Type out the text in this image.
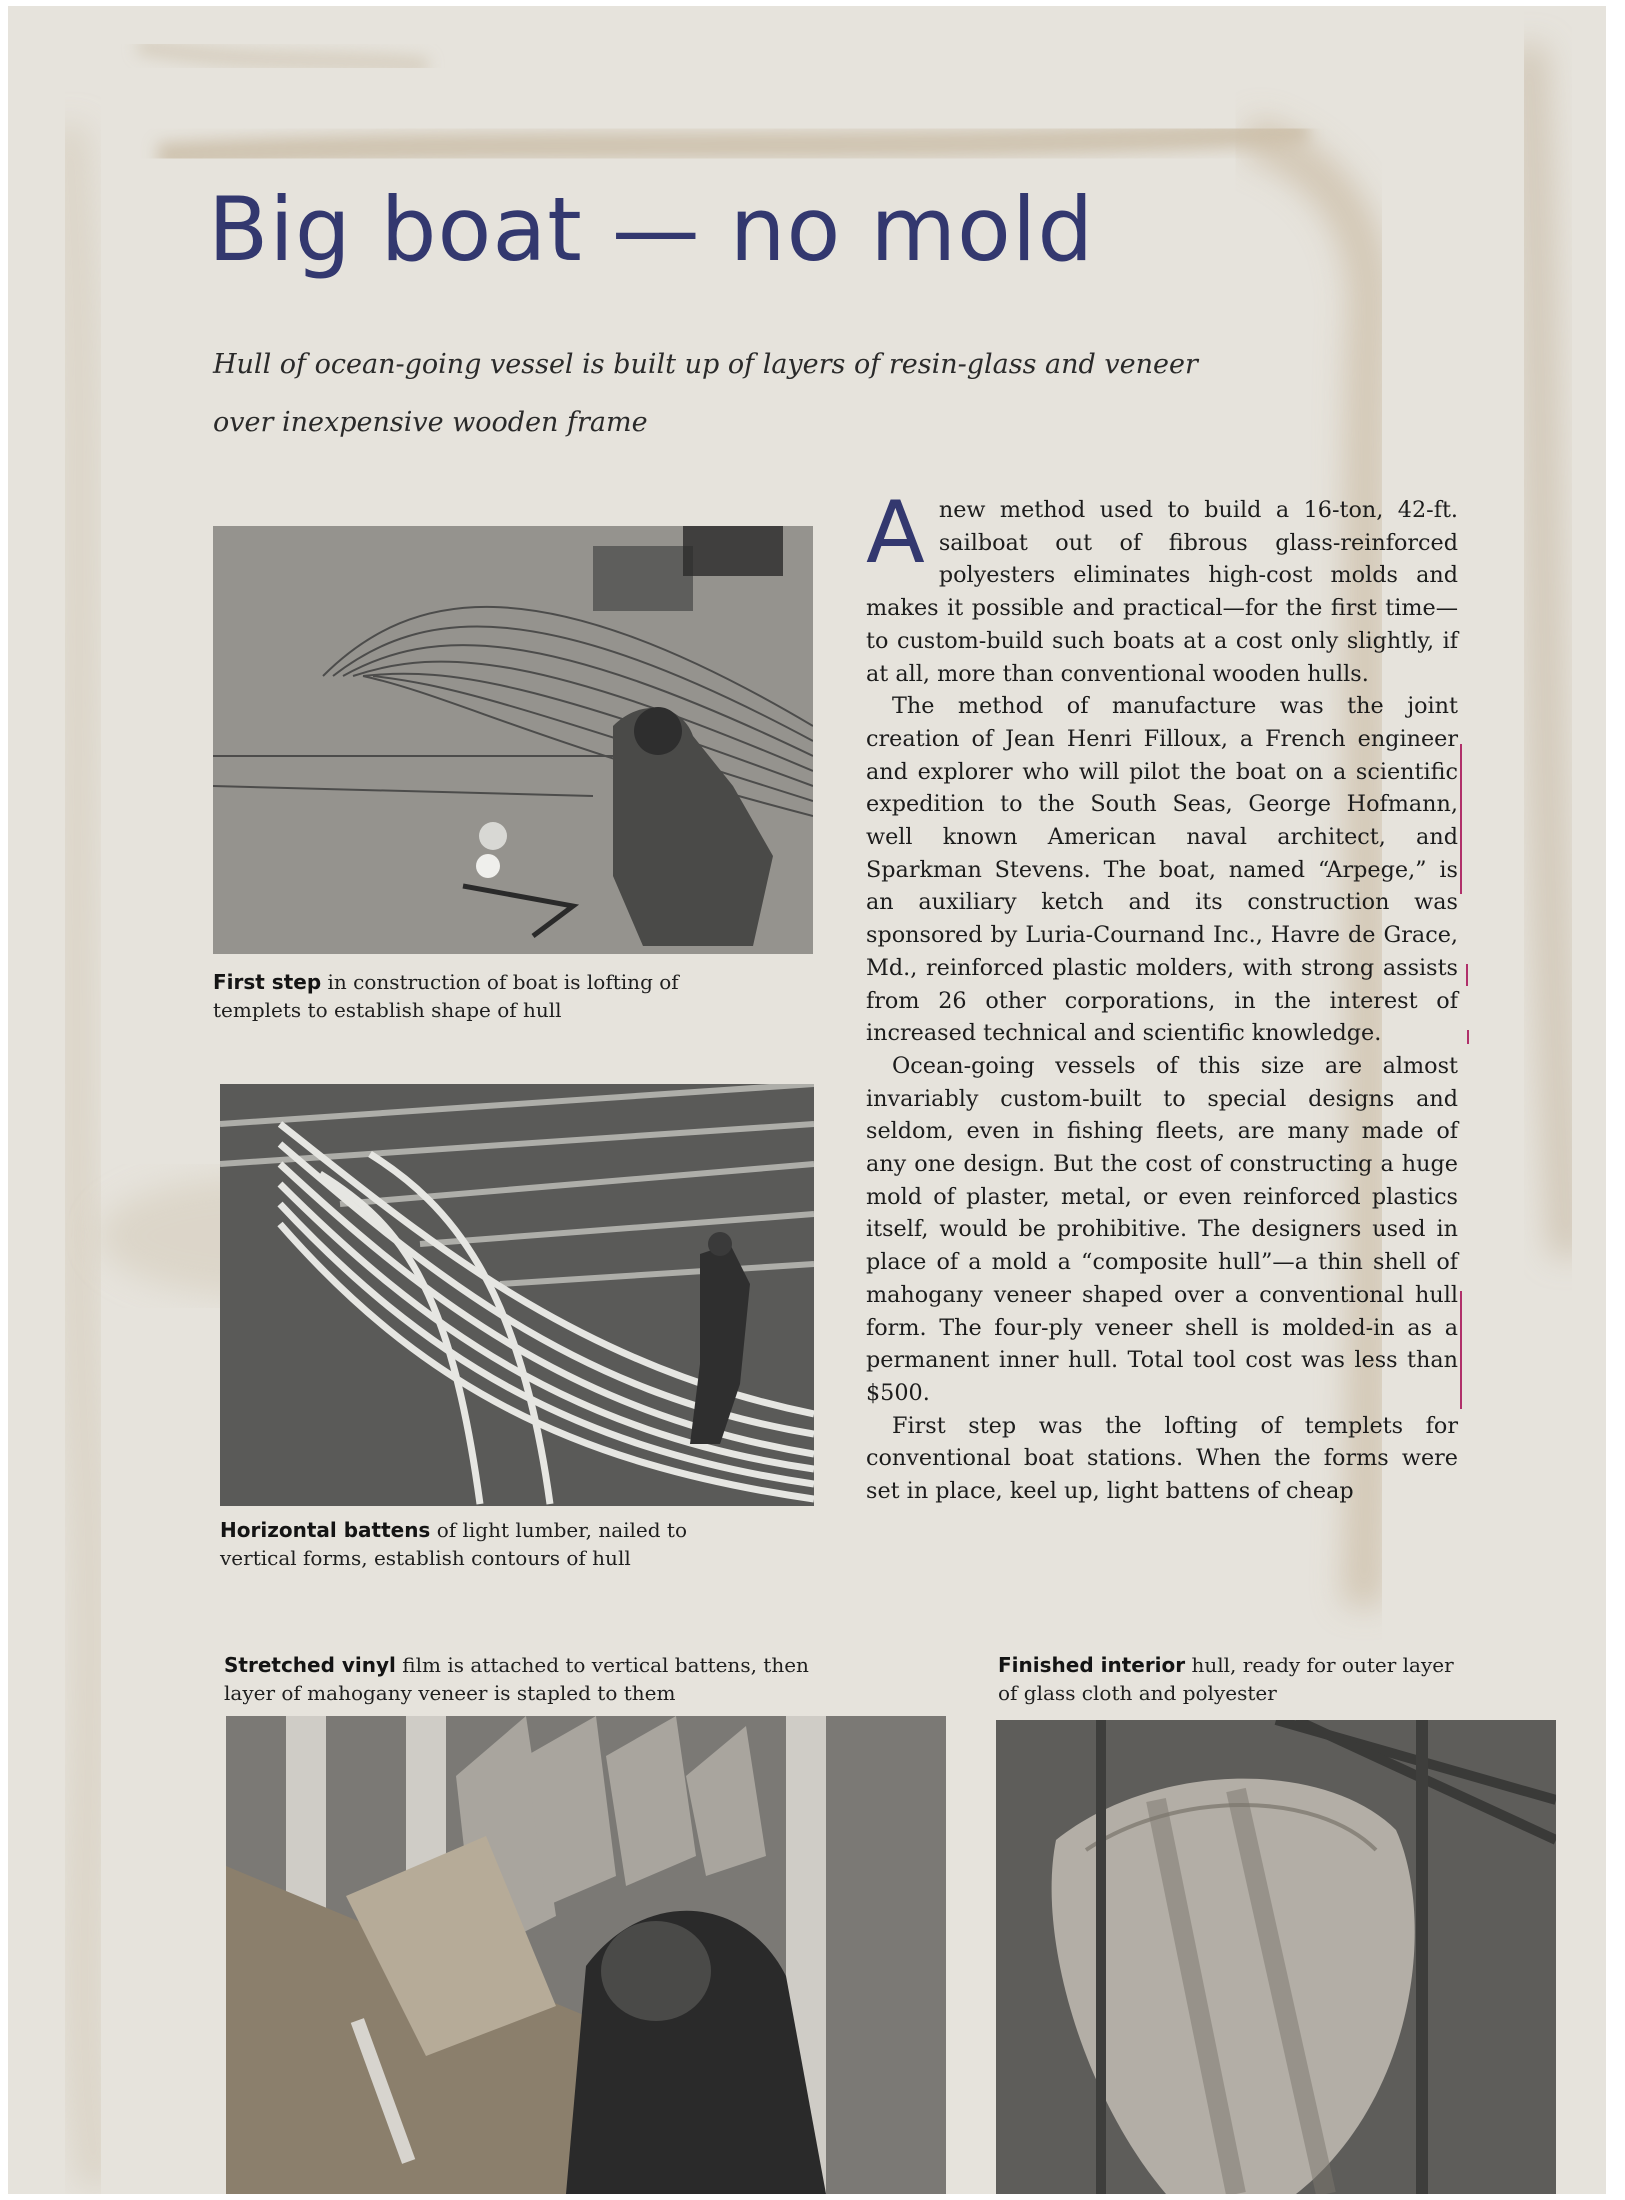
Big boat — no mold

Hull of ocean-going vessel is built up of layers of resin-glass and veneer over inexpensive wooden frame

First step in construction of boat is lofting of templets to establish shape of hull

Horizontal battens of light lumber, nailed to vertical forms, establish contours of hull

Anew method used to build a 16-ton, 42-ft. sailboat out of fibrous glass-reinforced polyesters eliminates high-cost molds and makes it possible and practical—for the first time—to custom-build such boats at a cost only slightly, if at all, more than conventional wooden hulls.

The method of manufacture was the joint creation of Jean Henri Filloux, a French engineer and explorer who will pilot the boat on a scientific expedition to the South Seas, George Hofmann, well known American naval architect, and Sparkman Stevens. The boat, named “Arpege,” is an auxiliary ketch and its construction was sponsored by Luria-Cournand Inc., Havre de Grace, Md., reinforced plastic molders, with strong assists from 26 other corporations, in the interest of increased technical and scientific knowledge.

Ocean-going vessels of this size are almost invariably custom-built to special designs and seldom, even in fishing fleets, are many made of any one design. But the cost of constructing a huge mold of plaster, metal, or even reinforced plastics itself, would be prohibitive. The designers used in place of a mold a “composite hull”—a thin shell of mahogany veneer shaped over a conventional hull form. The four-ply veneer shell is molded-in as a permanent inner hull. Total tool cost was less than $500.

First step was the lofting of templets for conventional boat stations. When the forms were set in place, keel up, light battens of cheap

Stretched vinyl film is attached to vertical battens, then layer of mahogany veneer is stapled to them

Finished interior hull, ready for outer layer of glass cloth and polyester
